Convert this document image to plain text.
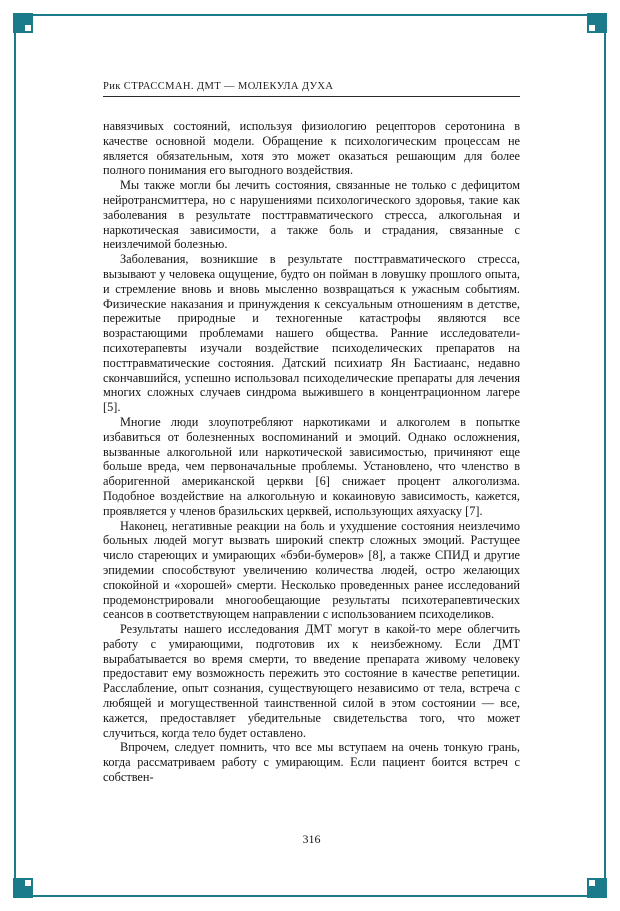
Рик СТРАССМАН. ДМТ — МОЛЕКУЛА ДУХА

навязчивых состояний, используя физиологию рецепторов серотонина в качестве основной модели. Обращение к психологическим процессам не является обязательным, хотя это может оказаться решающим для более полного понимания его выгодного воздействия.

Мы также могли бы лечить состояния, связанные не только с дефицитом нейротрансмиттера, но с нарушениями психологического здоровья, такие как заболевания в результате посттравматического стресса, алкогольная и наркотическая зависимости, а также боль и страдания, связанные с неизлечимой болезнью.

Заболевания, возникшие в результате посттравматического стресса, вызывают у человека ощущение, будто он пойман в ловушку прошлого опыта, и стремление вновь и вновь мысленно возвращаться к ужасным событиям. Физические наказания и принуждения к сексуальным отношениям в детстве, пережитые природные и техногенные катастрофы являются все возрастающими проблемами нашего общества. Ранние исследователи-психотерапевты изучали воздействие психоделических препаратов на посттравматические состояния. Датский психиатр Ян Бастиаанс, недавно скончавшийся, успешно использовал психоделические препараты для лечения многих сложных случаев синдрома выжившего в концентрационном лагере [5].

Многие люди злоупотребляют наркотиками и алкоголем в попытке избавиться от болезненных воспоминаний и эмоций. Однако осложнения, вызванные алкогольной или наркотической зависимостью, причиняют еще больше вреда, чем первоначальные проблемы. Установлено, что членство в аборигенной американской церкви [6] снижает процент алкоголизма. Подобное воздействие на алкогольную и кокаиновую зависимость, кажется, проявляется у членов бразильских церквей, использующих аяхуаску [7].

Наконец, негативные реакции на боль и ухудшение состояния неизлечимо больных людей могут вызвать широкий спектр сложных эмоций. Растущее число стареющих и умирающих «бэби-бумеров» [8], а также СПИД и другие эпидемии способствуют увеличению количества людей, остро желающих спокойной и «хорошей» смерти. Несколько проведенных ранее исследований продемонстрировали многообещающие результаты психотерапевтических сеансов в соответствующем направлении с использованием психоделиков.

Результаты нашего исследования ДМТ могут в какой-то мере облегчить работу с умирающими, подготовив их к неизбежному. Если ДМТ вырабатывается во время смерти, то введение препарата живому человеку предоставит ему возможность пережить это состояние в качестве репетиции. Расслабление, опыт сознания, существующего независимо от тела, встреча с любящей и могущественной таинственной силой в этом состоянии — все, кажется, предоставляет убедительные свидетельства того, что может случиться, когда тело будет оставлено.

Впрочем, следует помнить, что все мы вступаем на очень тонкую грань, когда рассматриваем работу с умирающим. Если пациент боится встреч с собствен-

316
